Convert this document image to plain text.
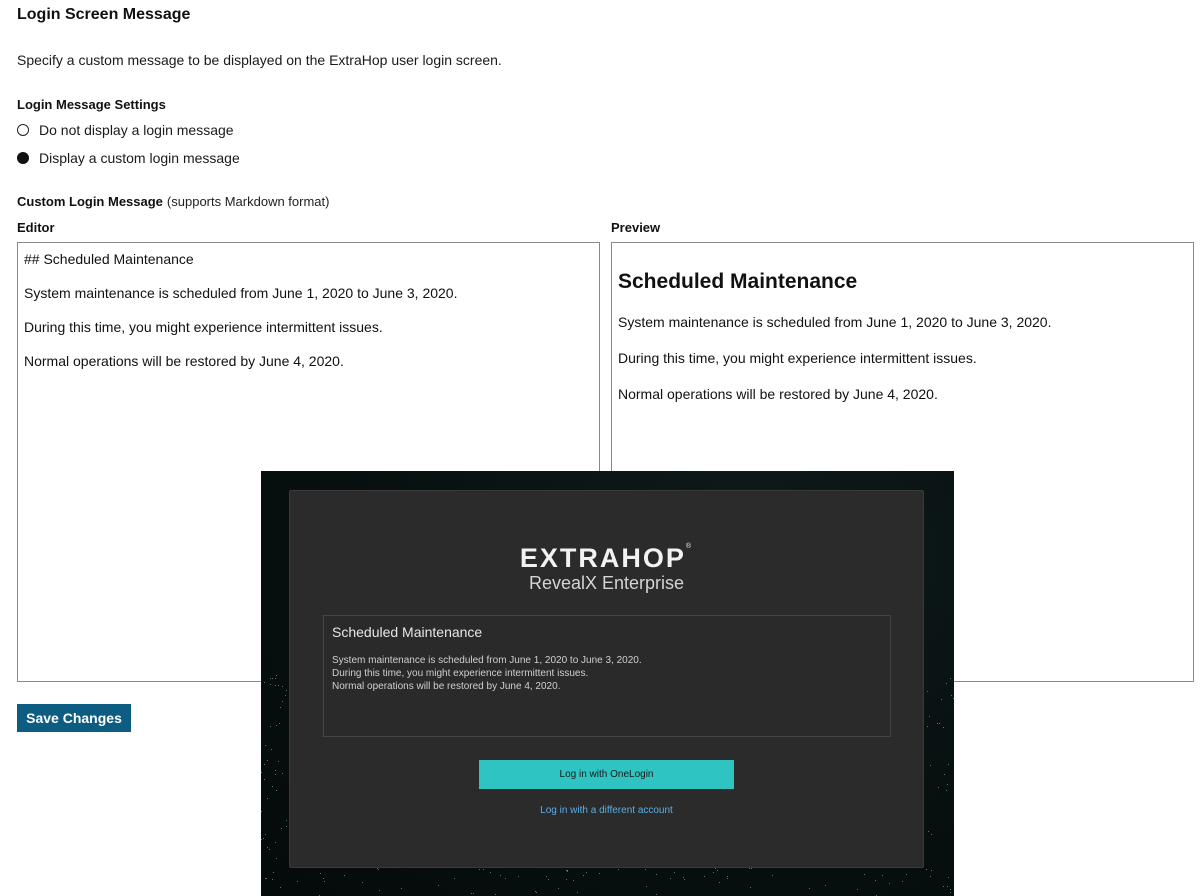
Login Screen Message
Specify a custom message to be displayed on the ExtraHop user login screen.
Login Message Settings
Do not display a login message
Display a custom login message
Custom Login Message (supports Markdown format)
Editor	Preview

## Scheduled Maintenance

System maintenance is scheduled from June 1, 2020 to June 3, 2020.

During this time, you might experience intermittent issues.

Normal operations will be restored by June 4, 2020.

Scheduled Maintenance

System maintenance is scheduled from June 1, 2020 to June 3, 2020.

During this time, you might experience intermittent issues.

Normal operations will be restored by June 4, 2020.

Save Changes
EXTRAHOP®
RevealX Enterprise
Scheduled Maintenance
System maintenance is scheduled from June 1, 2020 to June 3, 2020.
During this time, you might experience intermittent issues.
Normal operations will be restored by June 4, 2020.
Log in with OneLogin
Log in with a different account
